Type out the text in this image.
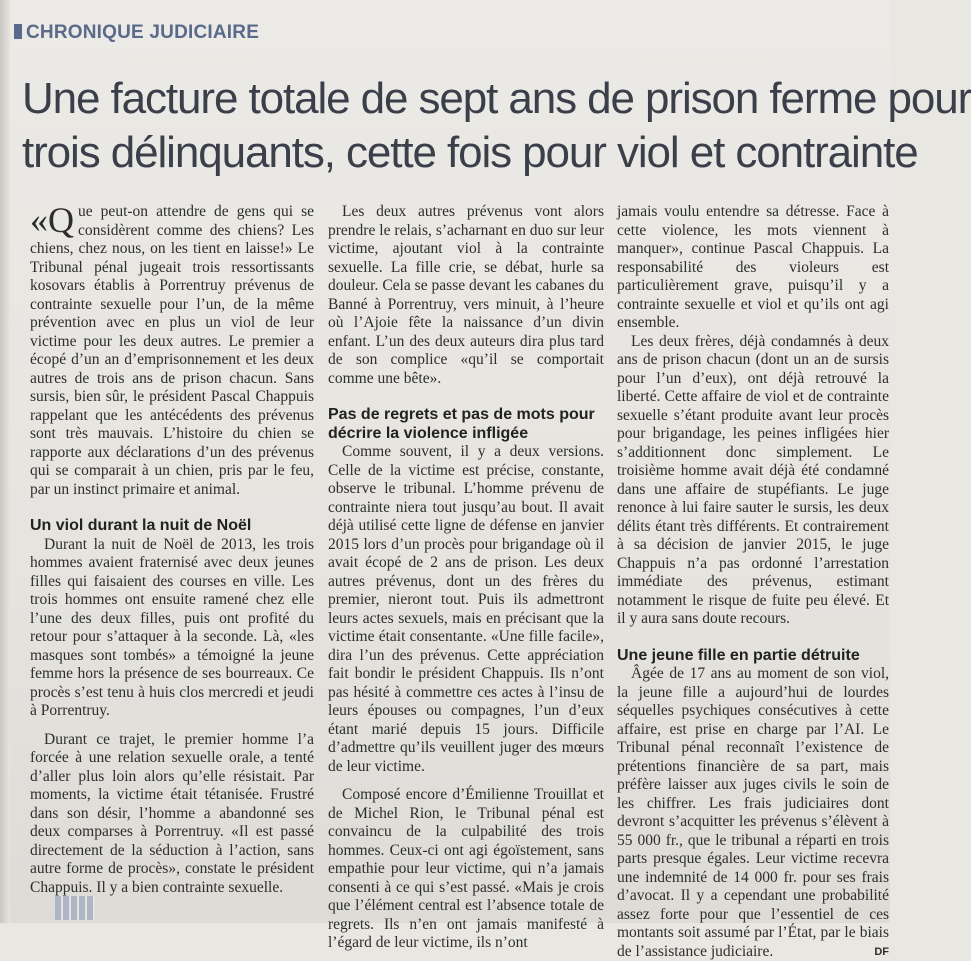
CHRONIQUE JUDICIAIRE
Une facture totale de sept ans de prison ferme pour
trois délinquants, cette fois pour viol et contrainte

«Que peut-on attendre de gens qui se considèrent comme des chiens? Les chiens, chez nous, on les tient en laisse!» Le Tribunal pénal jugeait trois ressortissants kosovars établis à Porrentruy prévenus de contrainte sexuelle pour l’un, de la même prévention avec en plus un viol de leur victime pour les deux autres. Le premier a écopé d’un an d’emprisonnement et les deux autres de trois ans de prison chacun. Sans sursis, bien sûr, le président Pascal Chappuis rappelant que les antécédents des prévenus sont très mauvais. L’histoire du chien se rapporte aux déclarations d’un des prévenus qui se comparait à un chien, pris par le feu, par un instinct primaire et animal.

Un viol durant la nuit de Noël

Durant la nuit de Noël de 2013, les trois hommes avaient fraternisé avec deux jeunes filles qui faisaient des courses en ville. Les trois hommes ont ensuite ramené chez elle l’une des deux filles, puis ont profité du retour pour s’attaquer à la seconde. Là, «les masques sont tombés» a témoigné la jeune femme hors la présence de ses bourreaux. Ce procès s’est tenu à huis clos mercredi et jeudi à Porrentruy.

Durant ce trajet, le premier homme l’a forcée à une relation sexuelle orale, a tenté d’aller plus loin alors qu’elle résistait. Par moments, la victime était tétanisée. Frustré dans son désir, l’homme a abandonné ses deux comparses à Porrentruy. «Il est passé directement de la séduction à l’action, sans autre forme de procès», constate le président Chappuis. Il y a bien contrainte sexuelle.

Les deux autres prévenus vont alors prendre le relais, s’acharnant en duo sur leur victime, ajoutant viol à la contrainte sexuelle. La fille crie, se débat, hurle sa douleur. Cela se passe devant les cabanes du Banné à Porrentruy, vers minuit, à l’heure où l’Ajoie fête la naissance d’un divin enfant. L’un des deux auteurs dira plus tard de son complice «qu’il se comportait comme une bête».

Pas de regrets et pas de mots pour décrire la violence infligée

Comme souvent, il y a deux versions. Celle de la victime est précise, constante, observe le tribunal. L’homme prévenu de contrainte niera tout jusqu’au bout. Il avait déjà utilisé cette ligne de défense en janvier 2015 lors d’un procès pour brigandage où il avait écopé de 2 ans de prison. Les deux autres prévenus, dont un des frères du premier, nieront tout. Puis ils admettront leurs actes sexuels, mais en précisant que la victime était consentante. «Une fille facile», dira l’un des prévenus. Cette appréciation fait bondir le président Chappuis. Ils n’ont pas hésité à commettre ces actes à l’insu de leurs épouses ou compagnes, l’un d’eux étant marié depuis 15 jours. Difficile d’admettre qu’ils veuillent juger des mœurs de leur victime.

Composé encore d’Émilienne Trouillat et de Michel Rion, le Tribunal pénal est convaincu de la culpabilité des trois hommes. Ceux-ci ont agi égoïstement, sans empathie pour leur victime, qui n’a jamais consenti à ce qui s’est passé. «Mais je crois que l’élément central est l’absence totale de regrets. Ils n’en ont jamais manifesté à l’égard de leur victime, ils n’ont

jamais voulu entendre sa détresse. Face à cette violence, les mots viennent à manquer», continue Pascal Chappuis. La responsabilité des violeurs est particulièrement grave, puisqu’il y a contrainte sexuelle et viol et qu’ils ont agi ensemble.

Les deux frères, déjà condamnés à deux ans de prison chacun (dont un an de sursis pour l’un d’eux), ont déjà retrouvé la liberté. Cette affaire de viol et de contrainte sexuelle s’étant produite avant leur procès pour brigandage, les peines infligées hier s’additionnent donc simplement. Le troisième homme avait déjà été condamné dans une affaire de stupéfiants. Le juge renonce à lui faire sauter le sursis, les deux délits étant très différents. Et contrairement à sa décision de janvier 2015, le juge Chappuis n’a pas ordonné l’arrestation immédiate des prévenus, estimant notamment le risque de fuite peu élevé. Et il y aura sans doute recours.

Une jeune fille en partie détruite

Âgée de 17 ans au moment de son viol, la jeune fille a aujourd’hui de lourdes séquelles psychiques consécutives à cette affaire, est prise en charge par l’AI. Le Tribunal pénal reconnaît l’existence de prétentions financière de sa part, mais préfère laisser aux juges civils le soin de les chiffrer. Les frais judiciaires dont devront s’acquitter les prévenus s’élèvent à 55 000 fr., que le tribunal a réparti en trois parts presque égales. Leur victime recevra une indemnité de 14 000 fr. pour ses frais d’avocat. Il y a cependant une probabilité assez forte pour que l’essentiel de ces montants soit assumé par l’État, par le biais de l’assistance judiciaire.	DF
